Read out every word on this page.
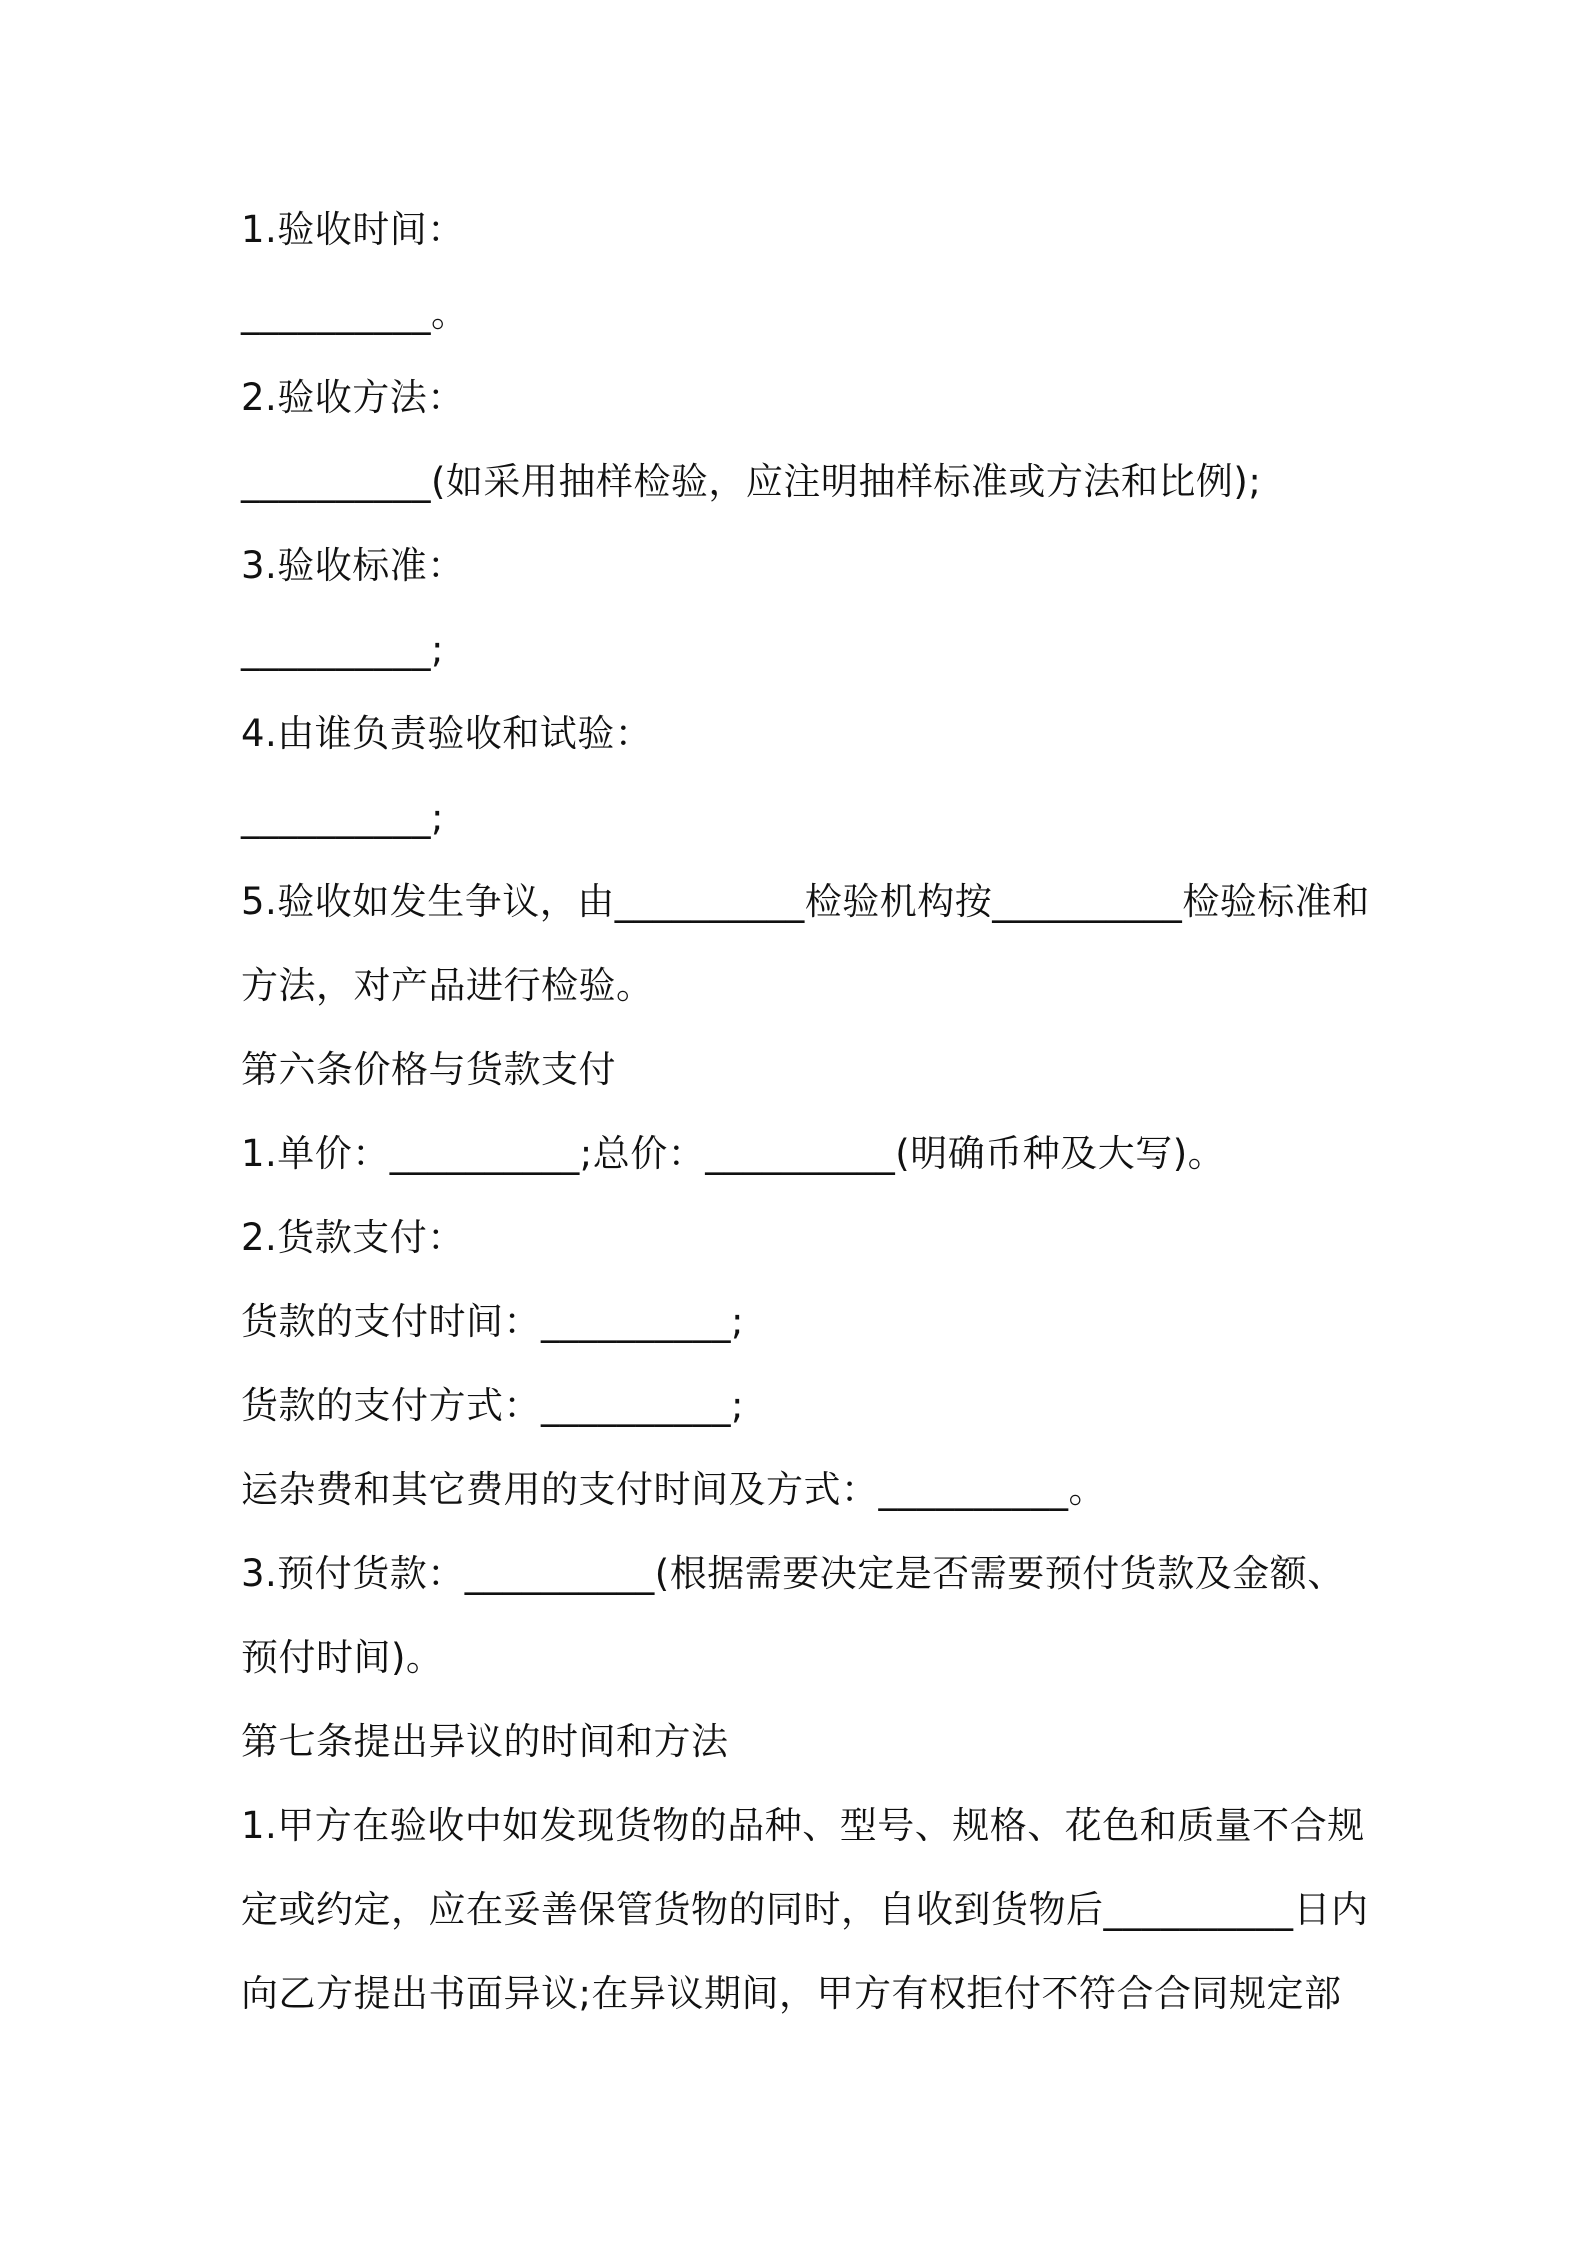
1.验收时间：
__________。
2.验收方法：
__________(如采用抽样检验，应注明抽样标准或方法和比例);
3.验收标准：
__________;
4.由谁负责验收和试验：
__________;
5.验收如发生争议，由__________检验机构按__________检验标准和
方法，对产品进行检验。
第六条价格与货款支付
1.单价：__________;总价：__________(明确币种及大写)。
2.货款支付：
货款的支付时间：__________;
货款的支付方式：__________;
运杂费和其它费用的支付时间及方式：__________。
3.预付货款：__________(根据需要决定是否需要预付货款及金额、
预付时间)。
第七条提出异议的时间和方法
1.甲方在验收中如发现货物的品种、型号、规格、花色和质量不合规
定或约定，应在妥善保管货物的同时，自收到货物后__________日内
向乙方提出书面异议;在异议期间，甲方有权拒付不符合合同规定部
